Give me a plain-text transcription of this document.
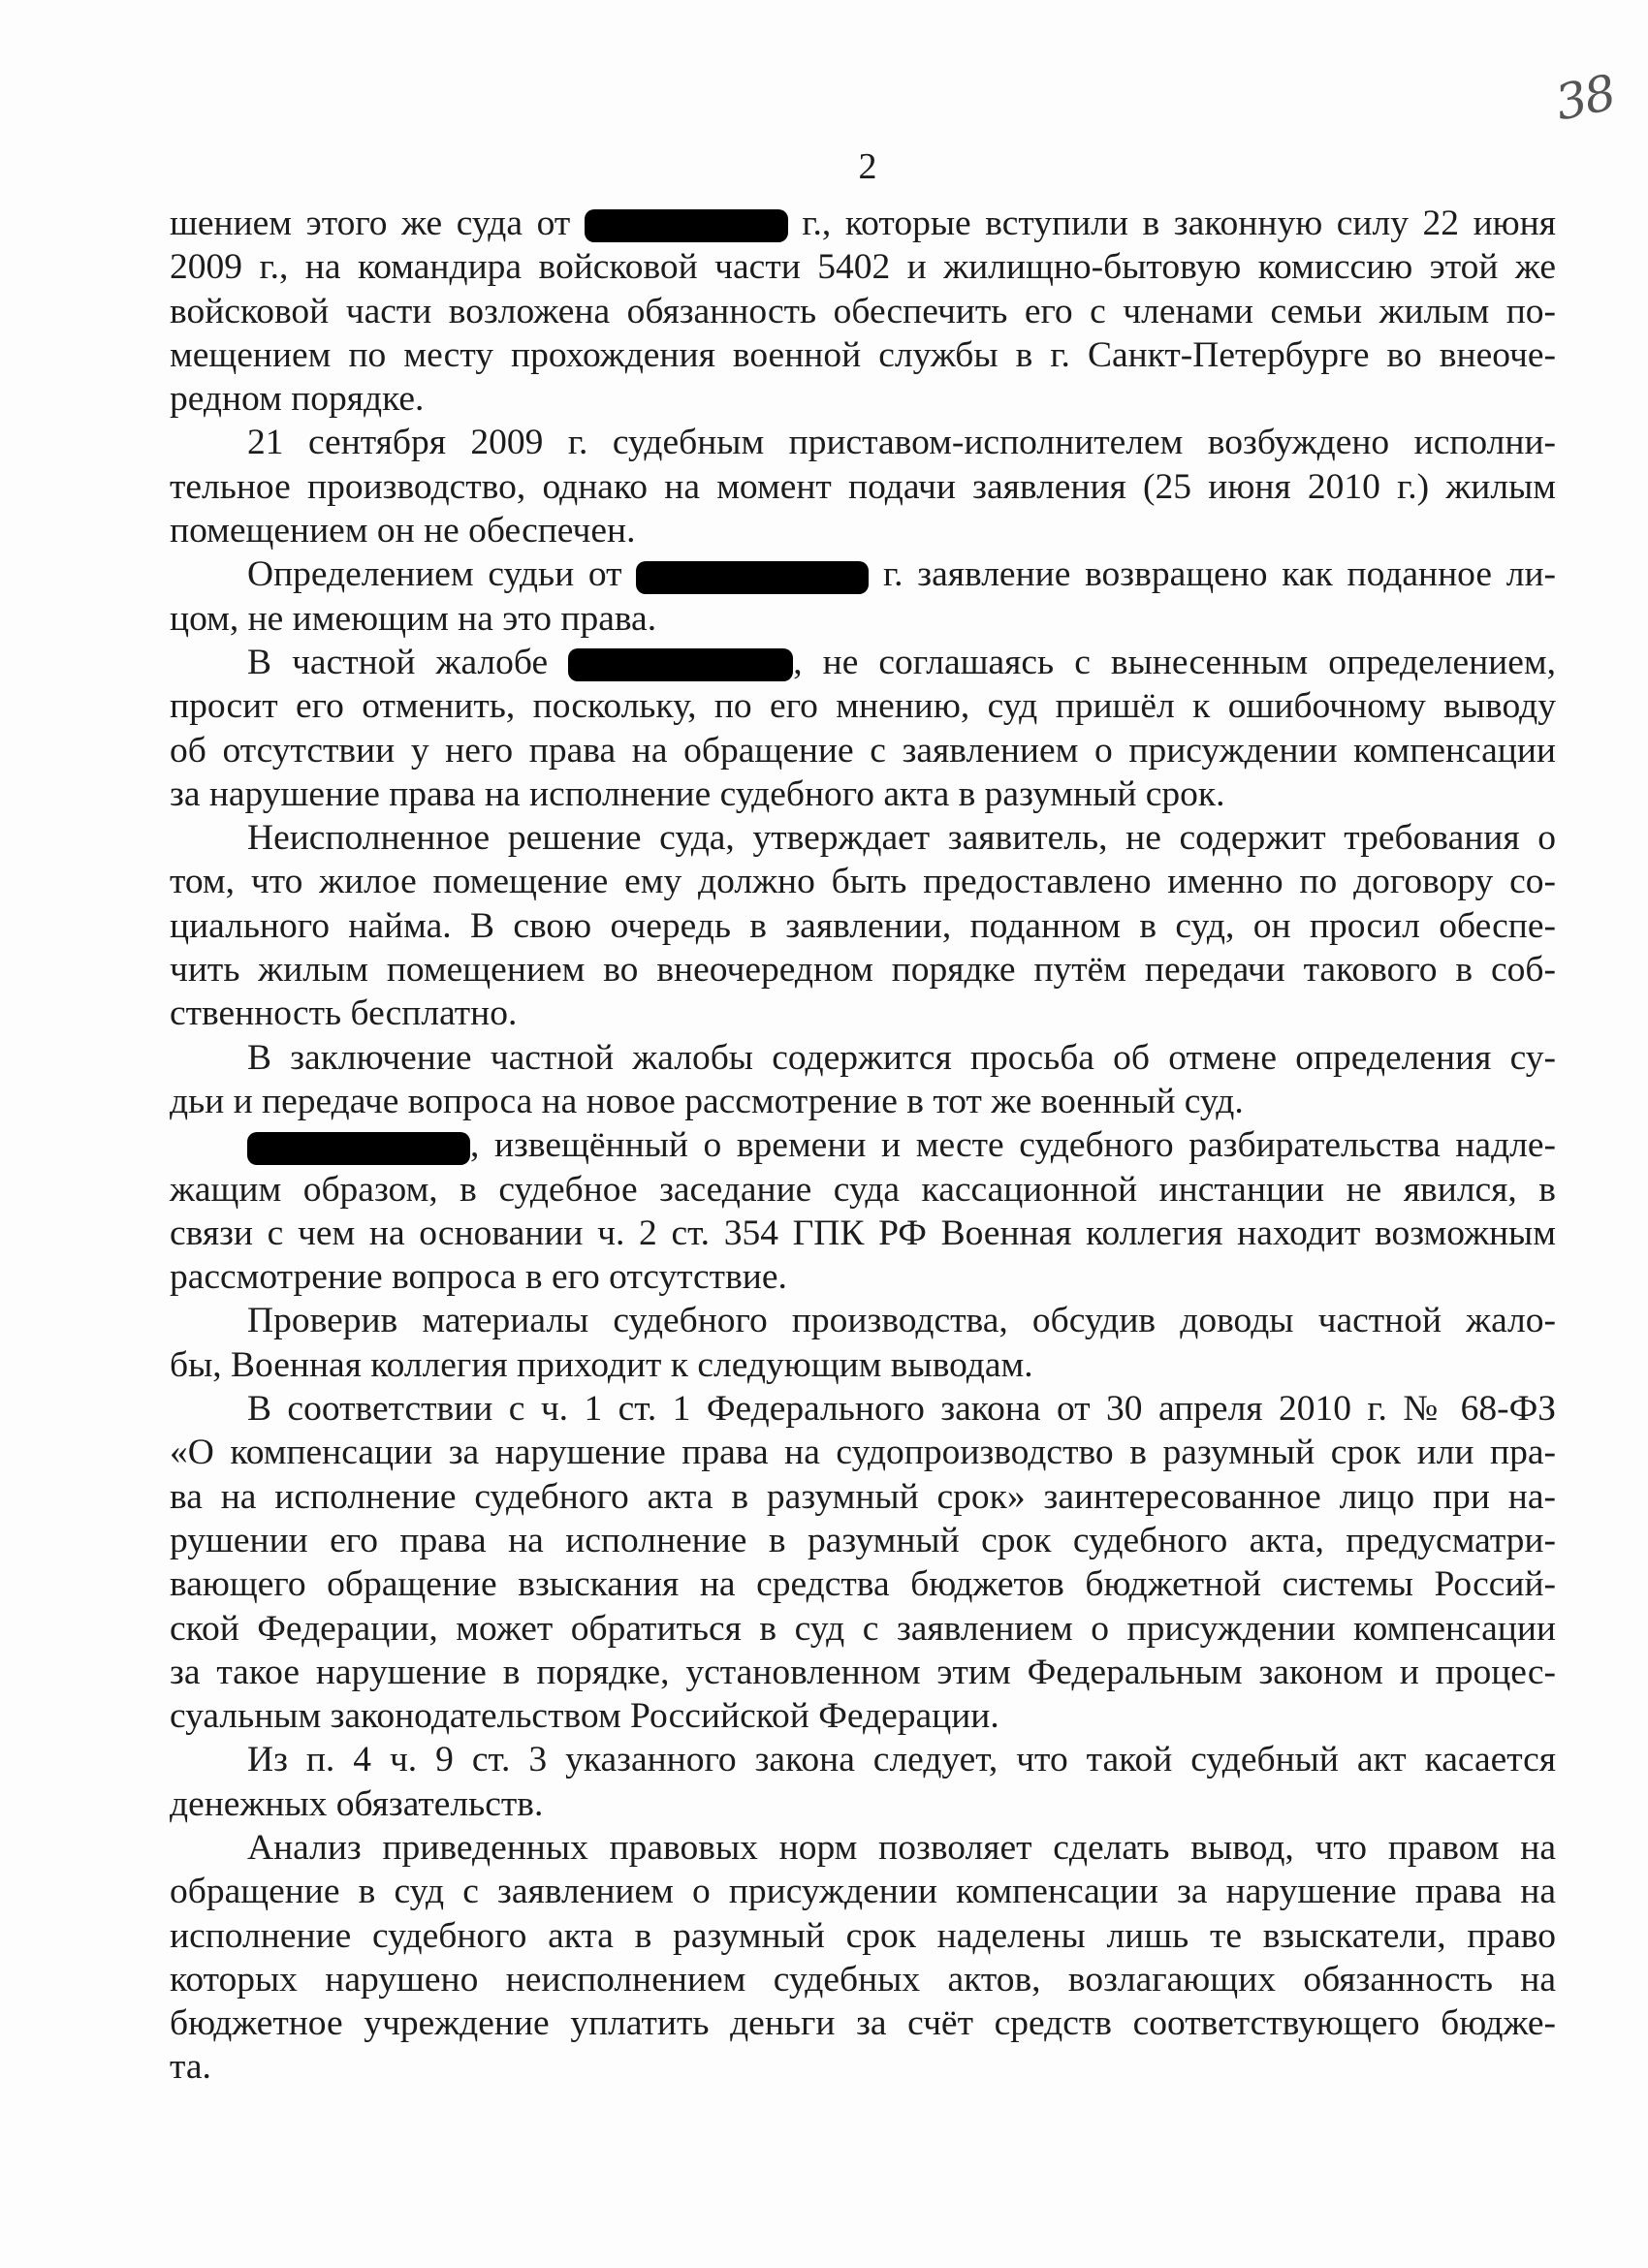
38
2
шением этого же суда от	г., которые вступили в законную силу 22 июня
2009 г., на командира войсковой части 5402 и жилищно-бытовую комиссию этой же
войсковой части возложена обязанность обеспечить его с членами семьи жилым по-
мещением по месту прохождения военной службы в г. Санкт-Петербурге во внеоче-
редном порядке.
21 сентября 2009 г. судебным приставом-исполнителем возбуждено исполни-
тельное производство, однако на момент подачи заявления (25 июня 2010 г.) жилым
помещением он не обеспечен.
Определением судьи от	г. заявление возвращено как поданное ли-
цом, не имеющим на это права.
В частной жалобе	, не соглашаясь с вынесенным определением,
просит его отменить, поскольку, по его мнению, суд пришёл к ошибочному выводу
об отсутствии у него права на обращение с заявлением о присуждении компенсации
за нарушение права на исполнение судебного акта в разумный срок.
Неисполненное решение суда, утверждает заявитель, не содержит требования о
том, что жилое помещение ему должно быть предоставлено именно по договору со-
циального найма. В свою очередь в заявлении, поданном в суд, он просил обеспе-
чить жилым помещением во внеочередном порядке путём передачи такового в соб-
ственность бесплатно.
В заключение частной жалобы содержится просьба об отмене определения су-
дьи и передаче вопроса на новое рассмотрение в тот же военный суд.
, извещённый о времени и месте судебного разбирательства надле-
жащим образом, в судебное заседание суда кассационной инстанции не явился, в
связи с чем на основании ч. 2 ст. 354 ГПК РФ Военная коллегия находит возможным
рассмотрение вопроса в его отсутствие.
Проверив материалы судебного производства, обсудив доводы частной жало-
бы, Военная коллегия приходит к следующим выводам.
В соответствии с ч. 1 ст. 1 Федерального закона от 30 апреля 2010 г. № 68-ФЗ
«О компенсации за нарушение права на судопроизводство в разумный срок или пра-
ва на исполнение судебного акта в разумный срок» заинтересованное лицо при на-
рушении его права на исполнение в разумный срок судебного акта, предусматри-
вающего обращение взыскания на средства бюджетов бюджетной системы Россий-
ской Федерации, может обратиться в суд с заявлением о присуждении компенсации
за такое нарушение в порядке, установленном этим Федеральным законом и процес-
суальным законодательством Российской Федерации.
Из п. 4 ч. 9 ст. 3 указанного закона следует, что такой судебный акт касается
денежных обязательств.
Анализ приведенных правовых норм позволяет сделать вывод, что правом на
обращение в суд с заявлением о присуждении компенсации за нарушение права на
исполнение судебного акта в разумный срок наделены лишь те взыскатели, право
которых нарушено неисполнением судебных актов, возлагающих обязанность на
бюджетное учреждение уплатить деньги за счёт средств соответствующего бюдже-
та.
